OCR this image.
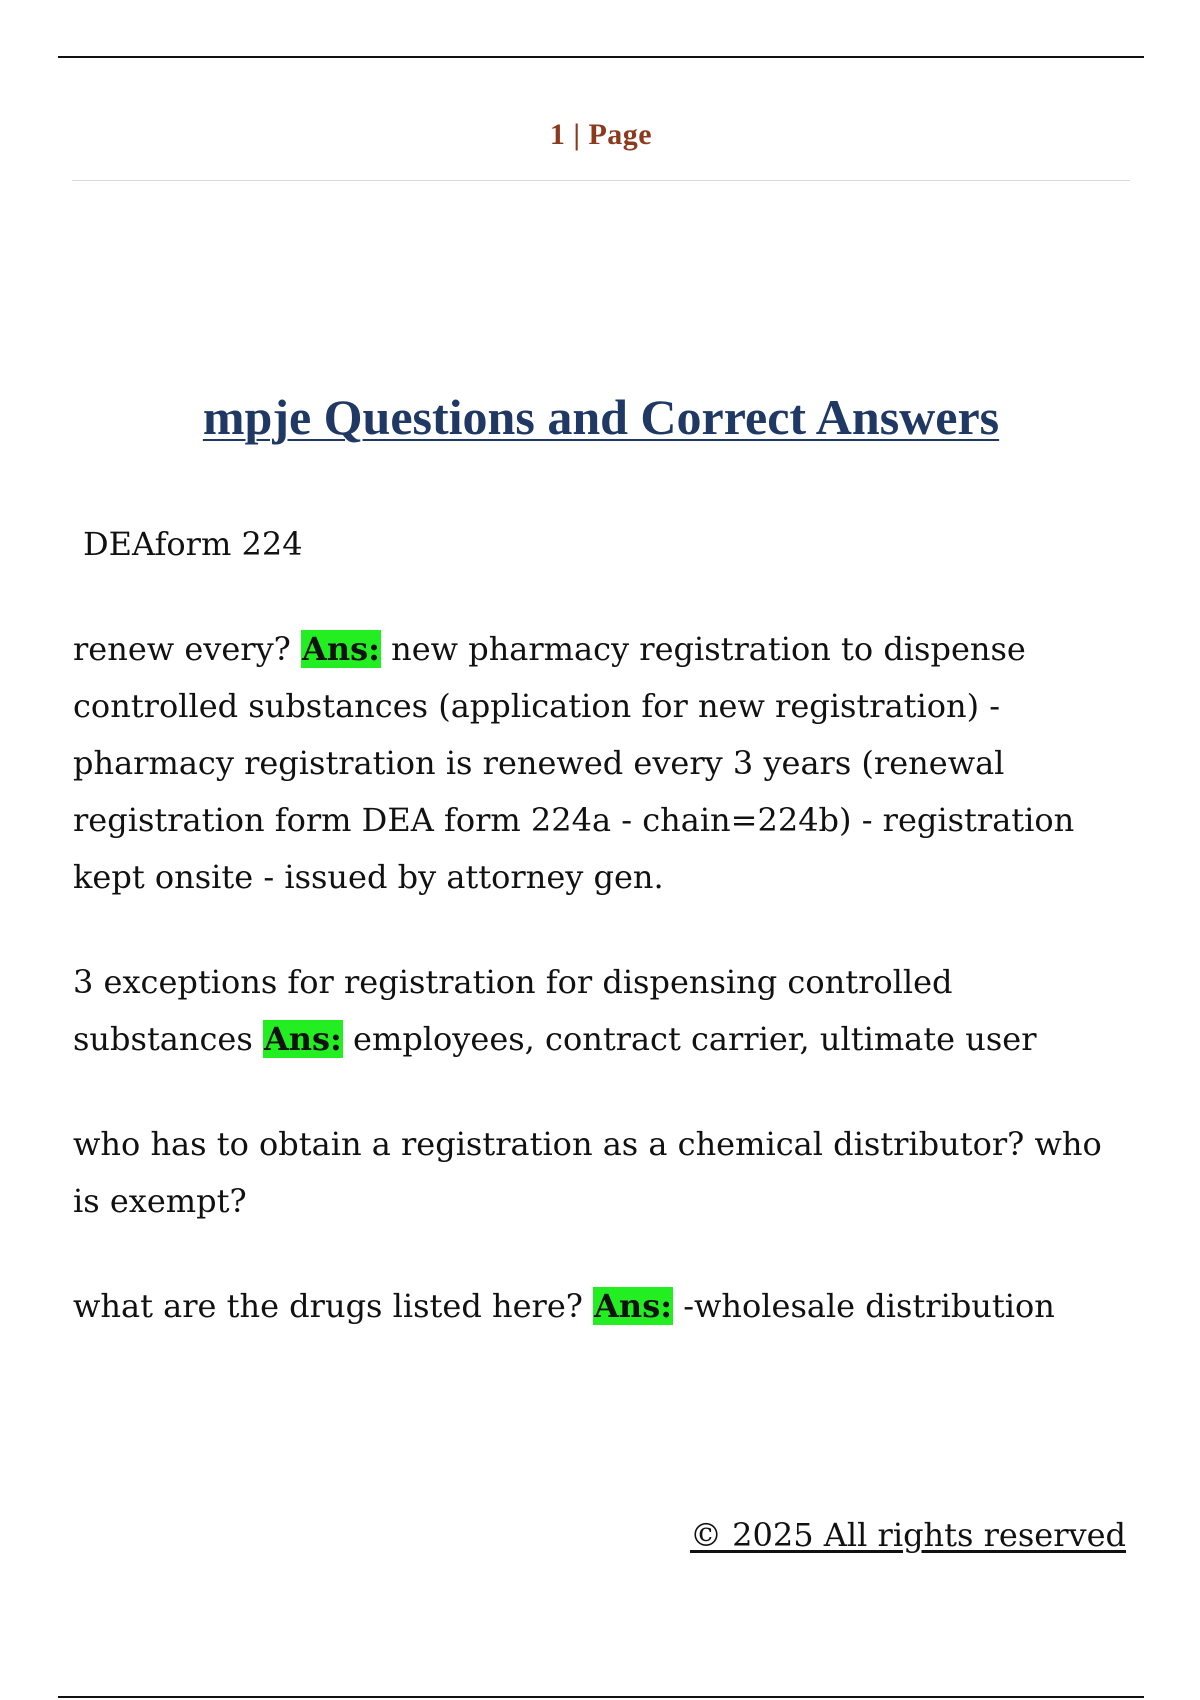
1 | Page
mpje Questions and Correct Answers

DEAform 224

renew every? Ans: new pharmacy registration to dispense controlled substances (application for new registration) - pharmacy registration is renewed every 3 years (renewal registration form DEA form 224a - chain=224b) - registration kept onsite - issued by attorney gen.

3 exceptions for registration for dispensing controlled substances Ans: employees, contract carrier, ultimate user

who has to obtain a registration as a chemical distributor? who is exempt?

what are the drugs listed here? Ans: -wholesale distribution

© 2025 All rights reserved
